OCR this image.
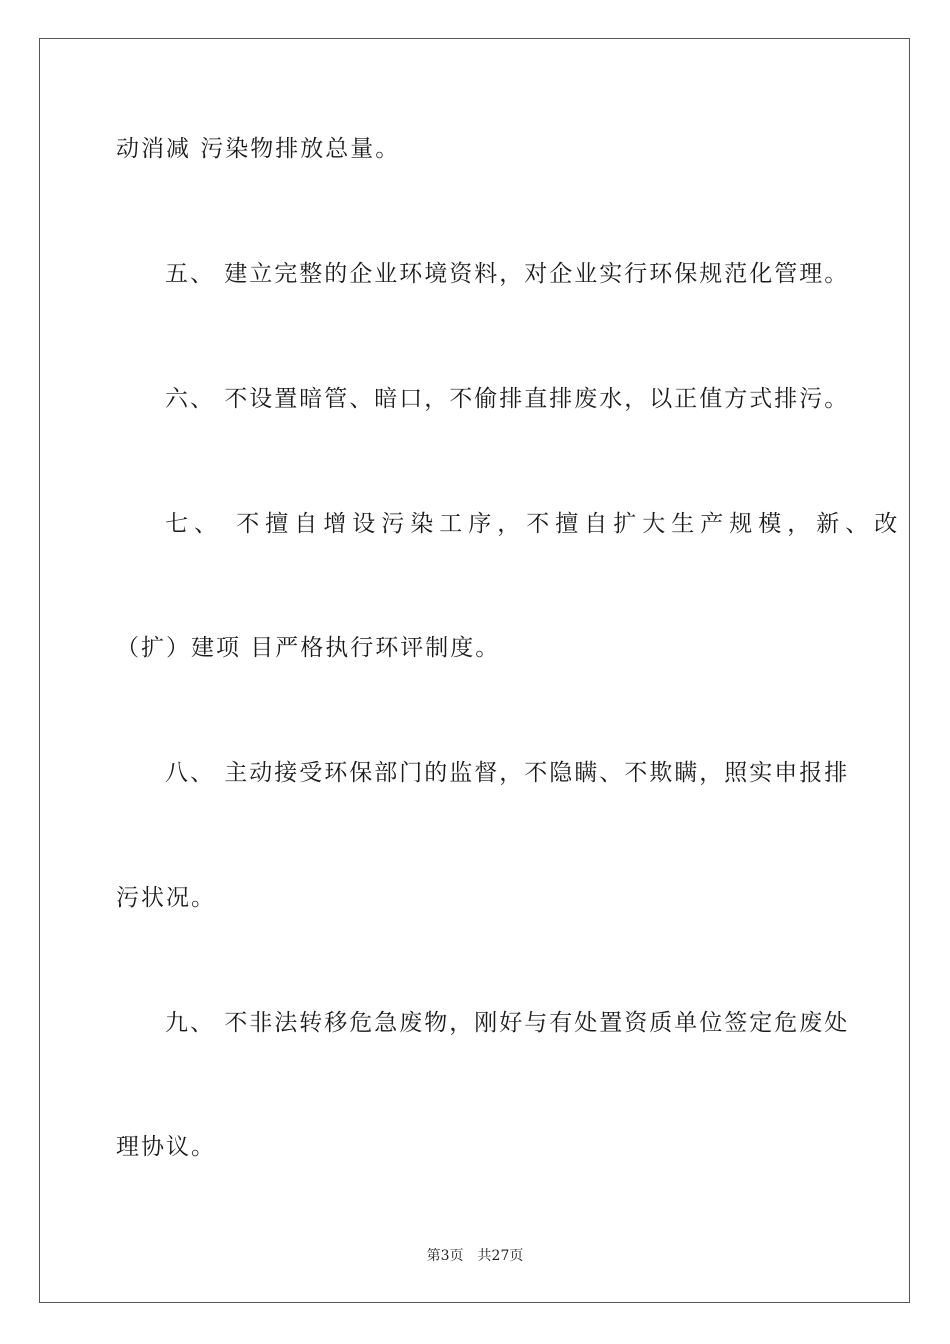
动消减 污染物排放总量。
五、 建立完整的企业环境资料，对企业实行环保规范化管理。
六、 不设置暗管、暗口，不偷排直排废水，以正值方式排污。
七、 不擅自增设污染工序，不擅自扩大生产规模，新、改
（扩）建项 目严格执行环评制度。
八、 主动接受环保部门的监督，不隐瞒、不欺瞒，照实申报排
污状况。
九、 不非法转移危急废物，刚好与有处置资质单位签定危废处
理协议。
第3页 共27页
